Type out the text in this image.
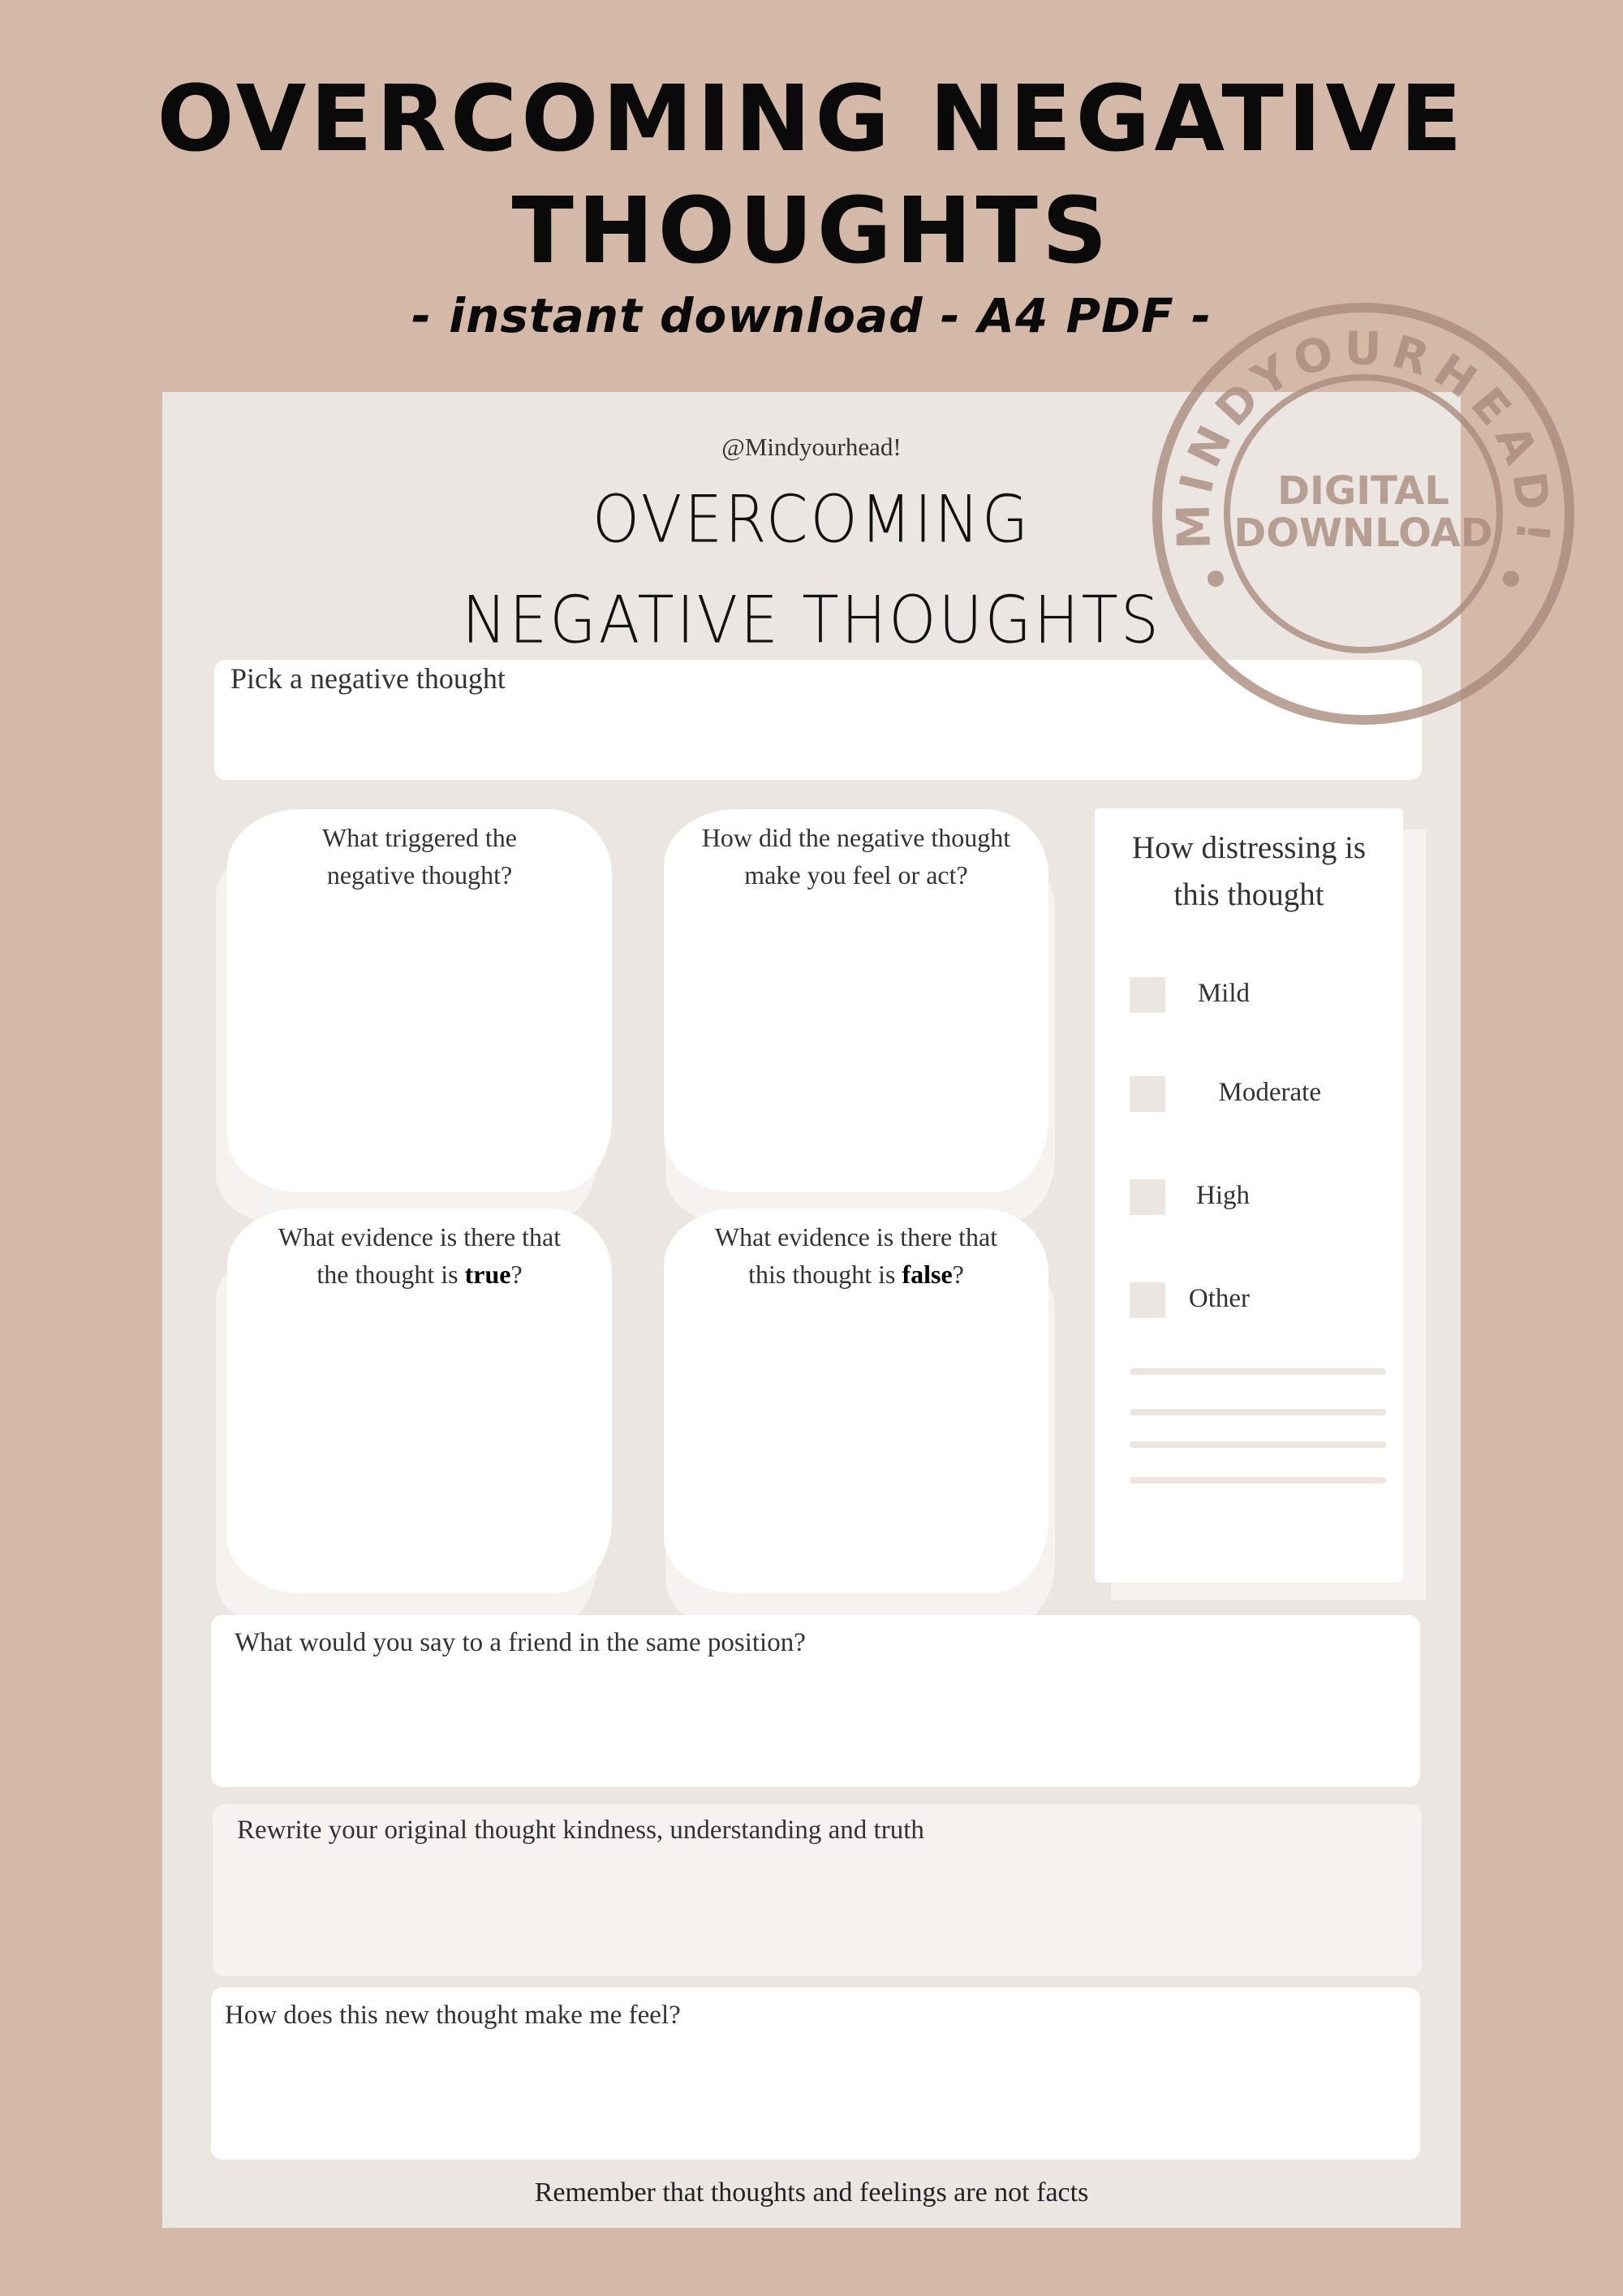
OVERCOMING NEGATIVE
THOUGHTS
- instant download - A4 PDF -
@Mindyourhead!
OVERCOMING
NEGATIVE THOUGHTS
Pick a negative thought
What triggered the negative thought?
How did the negative thought make you feel or act?
What evidence is there that the thought is true?
What evidence is there that this thought is false?
How distressing is this thought
Mild
Moderate
High
Other
What would you say to a friend in the same position?
Rewrite your original thought kindness, understanding and truth
How does this new thought make me feel?
Remember that thoughts and feelings are not facts
MINDYOURHEAD!
DIGITAL
DOWNLOAD
